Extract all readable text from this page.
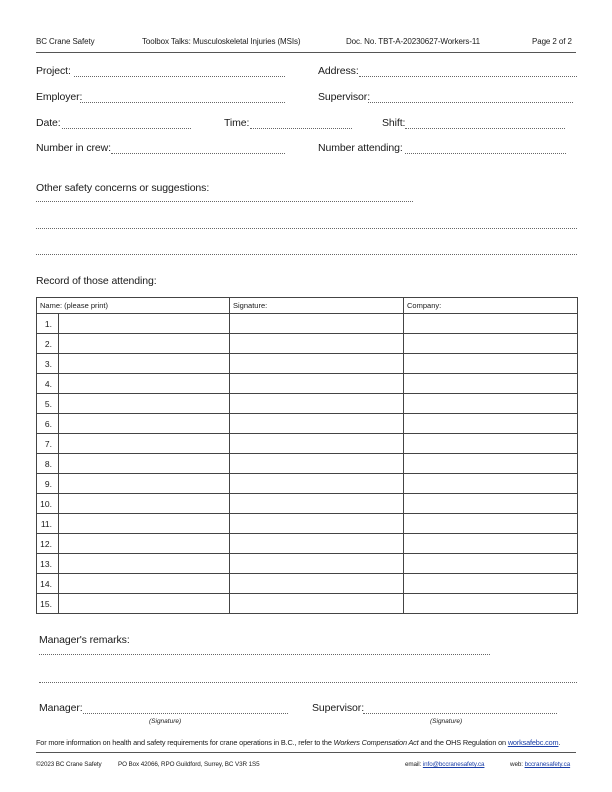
BC Crane Safety	Toolbox Talks: Musculoskeletal Injuries (MSIs)	Doc. No. TBT-A-20230627-Workers-11	Page 2 of 2
Project:	Address:
Employer:	Supervisor:
Date:	Time:	Shift:
Number in crew:	Number attending:
Other safety concerns or suggestions:
Record of those attending:
Name: (please print)		Signature:	Company:
1.			
2.			
3.			
4.			
5.			
6.			
7.			
8.			
9.			
10.			
11.			
12.			
13.			
14.			
15.			
Manager's remarks:
Manager:
(Signature)
Supervisor:
(Signature)
For more information on health and safety requirements for crane operations in B.C., refer to the Workers Compensation Act and the OHS Regulation on worksafebc.com.
©2023 BC Crane Safety	PO Box 42066, RPO Guildford, Surrey, BC V3R 1S5	email: info@bccranesafety.ca	web: bccranesafety.ca
